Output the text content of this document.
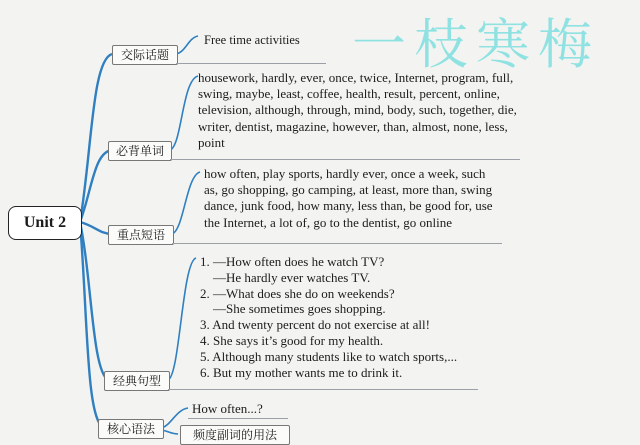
一枝寒梅
Unit 2
交际话题
Free time activities
必背单词
housework, hardly, ever, once, twice, Internet, program, full,
swing, maybe, least, coffee, health, result, percent, online,
television, although, through, mind, body, such, together, die,
writer, dentist, magazine, however, than, almost, none, less,
point
重点短语
how often, play sports, hardly ever, once a week, such
as, go shopping, go camping, at least, more than, swing
dance, junk food, how many, less than, be good for, use
the Internet, a lot of, go to the dentist, go online
经典句型
1. —How often does he watch TV?
—He hardly ever watches TV.
2. —What does she do on weekends?
—She sometimes goes shopping.
3. And twenty percent do not exercise at all!
4. She says it’s good for my health.
5. Although many students like to watch sports,...
6. But my mother wants me to drink it.
核心语法
How often...?
频度副词的用法
